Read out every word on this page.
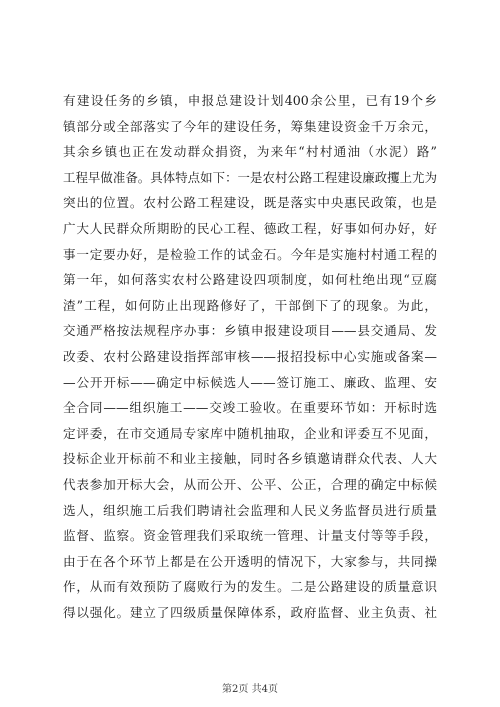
有建设任务的乡镇，申报总建设计划400余公里，已有19个乡
镇部分或全部落实了今年的建设任务，筹集建设资金千万余元，
其余乡镇也正在发动群众捐资，为来年“村村通油（水泥）路”
工程早做准备。具体特点如下：一是农村公路工程建设廉政攫上尤为
突出的位置。农村公路工程建设，既是落实中央惠民政策，也是
广大人民群众所期盼的民心工程、德政工程，好事如何办好，好
事一定要办好，是检验工作的试金石。今年是实施村村通工程的
第一年，如何落实农村公路建设四项制度，如何杜绝出现“豆腐
渣”工程，如何防止出现路修好了，干部倒下了的现象。为此，
交通严格按法规程序办事：乡镇申报建设项目——县交通局、发
改委、农村公路建设指挥部审核——报招投标中心实施或备案—
—公开开标——确定中标候选人——签订施工、廉政、监理、安
全合同——组织施工——交竣工验收。在重要环节如：开标时选
定评委，在市交通局专家库中随机抽取，企业和评委互不见面，
投标企业开标前不和业主接触，同时各乡镇邀请群众代表、人大
代表参加开标大会，从而公开、公平、公正，合理的确定中标候
选人，组织施工后我们聘请社会监理和人民义务监督员进行质量
监督、监察。资金管理我们采取统一管理、计量支付等等手段，
由于在各个环节上都是在公开透明的情况下，大家参与，共同操
作，从而有效预防了腐败行为的发生。二是公路建设的质量意识
得以强化。建立了四级质量保障体系，政府监督、业主负责、社
第2页 共4页
